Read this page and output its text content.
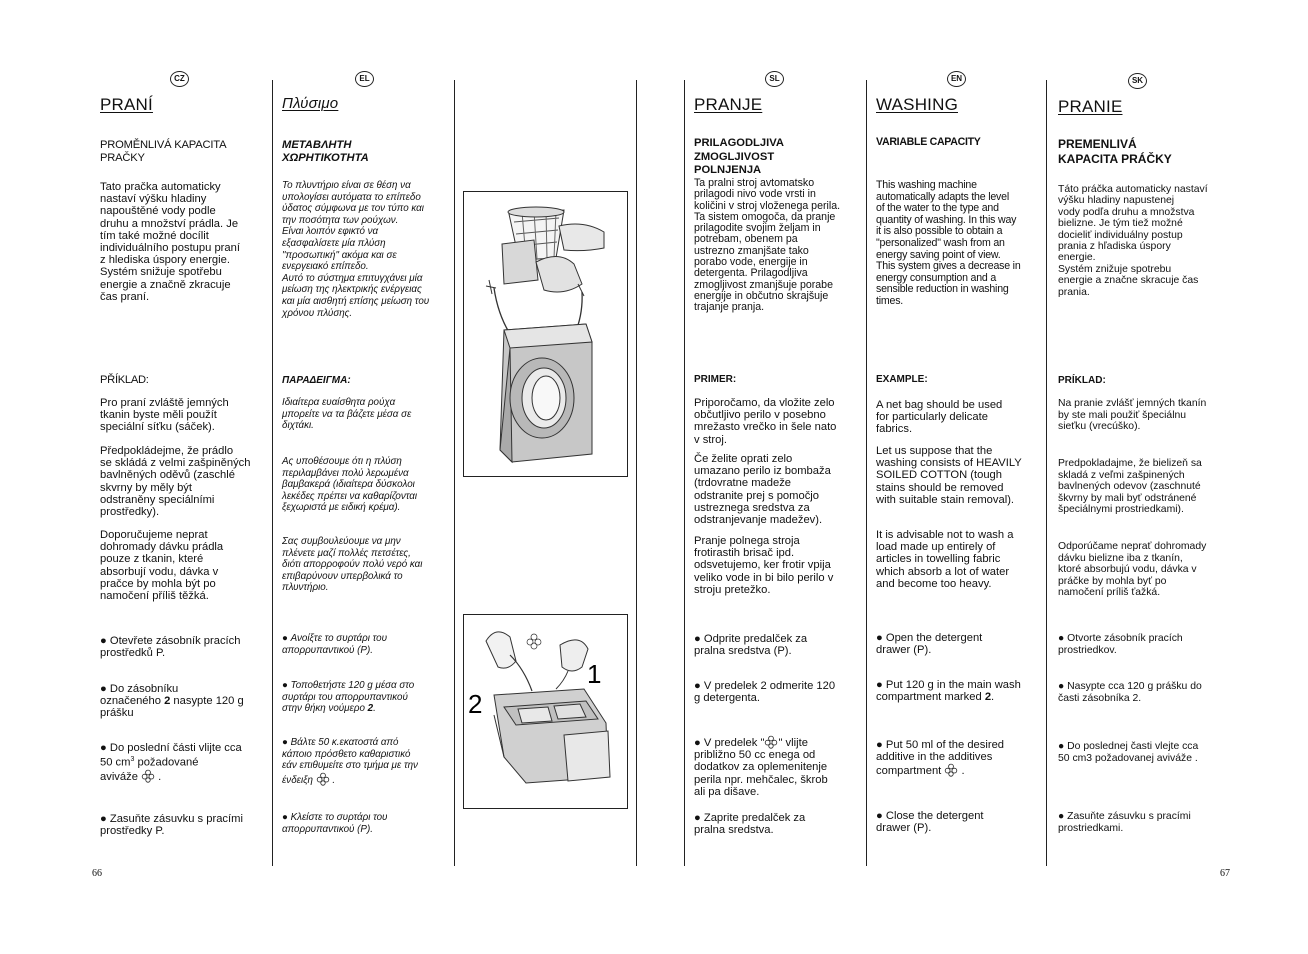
CZ
PRANÍ
PROMĚNLIVÁ KAPACITA
PRAČKY
Tato pračka automaticky
nastaví výšku hladiny
napouštěné vody podle
druhu a množství prádla. Je
tím také možné docílit
individuálního postupu praní
z hlediska úspory energie.
Systém snižuje spotřebu
energie a značně zkracuje
čas praní.
PŘÍKLAD:
Pro praní zvláště jemných
tkanin byste měli použít
speciální síťku (sáček).
Předpokládejme, že prádlo
se skládá z velmi zašpiněných
bavlněných oděvů (zaschlé
skvrny by měly být
odstraněny speciálními
prostředky).
Doporučujeme neprat
dohromady dávku prádla
pouze z tkanin, které
absorbují vodu, dávka v
pračce by mohla být po
namočení příliš těžká.
● Otevřete zásobník pracích
prostředků P.
● Do zásobníku
označeného 2 nasypte 120 g
prášku
● Do poslední části vlijte cca
50 $cm^3$ požadované
aviváže  .
● Zasuňte zásuvku s pracími
prostředky P.
66
EL
Πλύσιμο
ΜΕΤΑΒΛΗΤΗ
ΧΩΡΗΤΙΚΟΤΗΤΑ
Το πλυντήριο είναι σε θέση να
υπολογίσει αυτόματα το επίπεδο
ύδατος σύμφωνα με τον τύπο και
την ποσότητα των ρούχων.
Είναι λοιπόν εφικτό να
εξασφαλίσετε μία πλύση
"προσωπική" ακόμα και σε
ενεργειακό επίπεδο.
Αυτό το σύστημα επιτυγχάνει μία
μείωση της ηλεκτρικής ενέργειας
και μία αισθητή επίσης μείωση του
χρόνου πλύσης.
ΠΑΡΑΔΕΙΓΜΑ:
Ιδιαίτερα ευαίσθητα ρούχα
μπορείτε να τα βάζετε μέσα σε
διχτάκι.
Ας υποθέσουμε ότι η πλύση
περιλαμβάνει πολύ λερωμένα
βαμβακερά (ιδιαίτερα δύσκολοι
λεκέδες πρέπει να καθαρίζονται
ξεχωριστά με ειδική κρέμα).
Σας συμβουλεύουμε να μην
πλένετε μαζί πολλές πετσέτες,
διότι απορροφούν πολύ νερό και
επιβαρύνουν υπερβολικά το
πλυντήριο.
● Ανοίξτε το συρτάρι του
απορρυπαντικού (Ρ).
● Τοποθετήστε 120 g μέσα στο
συρτάρι του απορρυπαντικού
στην θήκη νούμερο 2.
● Βάλτε 50 κ.εκατοστά από
κάποιο πρόσθετο καθαριστικό
εάν επιθυμείτε στο τμήμα με την
ένδειξη  .
● Κλείστε το συρτάρι του
απορρυπαντικού (Ρ).
1
2
SL
PRANJE
PRILAGODLJIVA
ZMOGLJIVOST
POLNJENJA
Ta pralni stroj avtomatsko
prilagodi nivo vode vrsti in
količini v stroj vloženega perila.
Ta sistem omogoča, da pranje
prilagodite svojim željam in
potrebam, obenem pa
ustrezno zmanjšate tako
porabo vode, energije in
detergenta. Prilagodljiva
zmogljivost zmanjšuje porabe
energije in občutno skrajšuje
trajanje pranja.
PRIMER:
Priporočamo, da vložite zelo
občutljivo perilo v posebno
mrežasto vrečko in šele nato
v stroj.
Če želite oprati zelo
umazano perilo iz bombaža
(trdovratne madeže
odstranite prej s pomočjo
ustreznega sredstva za
odstranjevanje madežev).
Pranje polnega stroja
frotirastih brisač ipd.
odsvetujemo, ker frotir vpija
veliko vode in bi bilo perilo v
stroju pretežko.
● Odprite predalček za
pralna sredstva (P).
● V predelek 2 odmerite 120
g detergenta.
● V predelek " " vlijte
približno 50 cc enega od
dodatkov za oplemenitenje
perila npr. mehčalec, škrob
ali pa dišave.
● Zaprite predalček za
pralna sredstva.
EN
WASHING
VARIABLE CAPACITY
This washing machine
automatically adapts the level
of the water to the type and
quantity of washing. In this way
it is also possible to obtain a
"personalized" wash from an
energy saving point of view.
This system gives a decrease in
energy consumption and a
sensible reduction in washing
times.
EXAMPLE:
A net bag should be used
for particularly delicate
fabrics.
Let us suppose that the
washing consists of HEAVILY
SOILED COTTON (tough
stains should be removed
with suitable stain removal).
It is advisable not to wash a
load made up entirely of
articles in towelling fabric
which absorb a lot of water
and become too heavy.
● Open the detergent
drawer (P).
● Put 120 g in the main wash
compartment marked 2.
● Put 50 ml of the desired
additive in the additives
compartment  .
● Close the detergent
drawer (P).
SK
PRANIE
PREMENLIVÁ
KAPACITA PRÁČKY
Táto práčka automaticky nastaví
výšku hladiny napustenej
vody podľa druhu a množstva
bielizne. Je tým tiež možné
docieliť individuálny postup
prania z hľadiska úspory
energie.
Systém znižuje spotrebu
energie a značne skracuje čas
prania.
PRÍKLAD:
Na pranie zvlášť jemných tkanín
by ste mali použiť špeciálnu
sieťku (vrecúško).
Predpokladajme, že bielizeň sa
skladá z veľmi zašpinených
bavlnených odevov (zaschnuté
škvrny by mali byť odstránené
špeciálnymi prostriedkami).
Odporúčame neprať dohromady
dávku bielizne iba z tkanín,
ktoré absorbujú vodu, dávka v
práčke by mohla byť po
namočení príliš ťažká.
● Otvorte zásobník pracích
prostriedkov.
● Nasypte cca 120 g prášku do
časti zásobníka 2.
● Do poslednej časti vlejte cca
50 cm3 požadovanej aviváže .
● Zasuňte zásuvku s pracími
prostriedkami.
67
